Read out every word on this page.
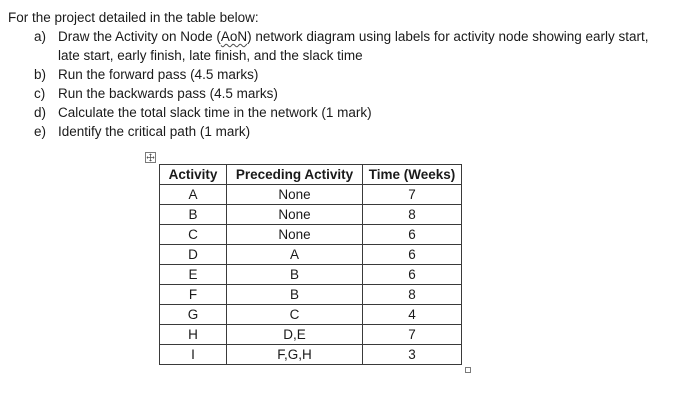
For the project detailed in the table below:
a) Draw the Activity on Node (AoN) network diagram using labels for activity node showing early start, late start, early finish, late finish, and the slack time
b) Run the forward pass (4.5 marks)
c) Run the backwards pass (4.5 marks)
d) Calculate the total slack time in the network (1 mark)
e) Identify the critical path (1 mark)
Activity	Preceding Activity	Time (Weeks)
A	None	7
B	None	8
C	None	6
D	A	6
E	B	6
F	B	8
G	C	4
H	D,E	7
I	F,G,H	3
